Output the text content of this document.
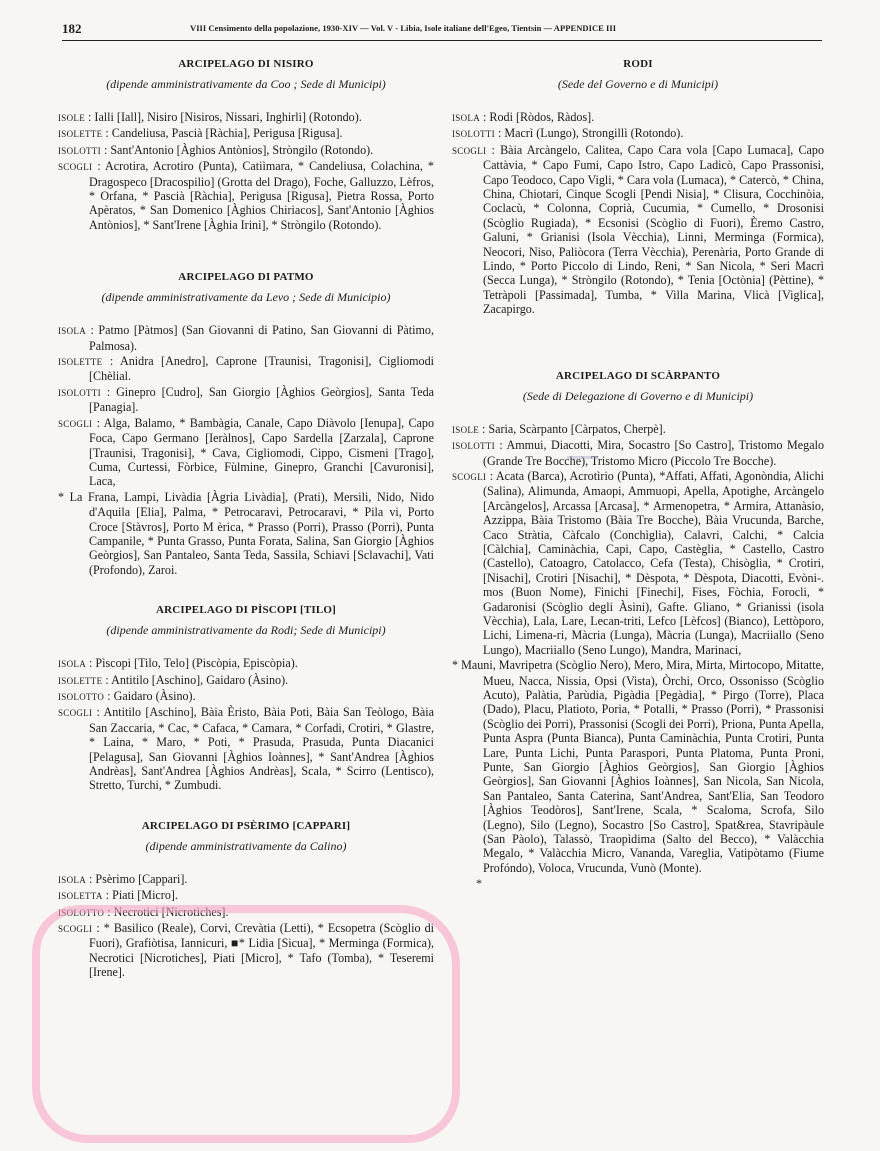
182	VIII Censimento della popolazione, 1930-XIV — Vol. V - Libia, Isole italiane dell'Egeo, Tientsin — APPENDICE III
ARCIPELAGO DI NISIRO
(dipende amministrativamente da Coo ; Sede di Municipi)

ISOLE : Ialli [Iall], Nisiro [Nisiros, Nissari, Inghirli] (Rotondo).

ISOLETTE : Candeliusa, Pascià [Ràchia], Perigusa [Rigusa].

ISOLOTTI : Sant'Antonio [Àghios Antònios], Stròngilo (Rotondo).

SCOGLI : Acrotira, Acrotiro (Punta), Catiìmara, * Candeliusa, Colachina, * Dragospeco [Dracospilio] (Grotta del Drago), Foche, Galluzzo, Lèfros, * Orfana, * Pascià [Ràchia], Perigusa [Rigusa], Pietra Rossa, Porto Apèratos, * San Domenico [Àghios Chiriacos], Sant'Antonio [Àghios Antònios], * Sant'Irene [Àghia Irini], * Stròngilo (Rotondo).

ARCIPELAGO DI PATMO
(dipende amministrativamente da Levo ; Sede di Municipio)

ISOLA : Patmo [Pàtmos] (San Giovanni di Patino, San Giovanni di Pàtimo, Palmosa).

ISOLETTE : Anidra [Anedro], Caprone [Traunisi, Tragonisi], Cigliomodi [Chèlial.

ISOLOTTI : Ginepro [Cudro], San Giorgio [Àghios Geòrgios], Santa Teda [Panagia].

SCOGLI : Alga, Balamo, * Bambàgia, Canale, Capo Diàvolo [Ienupa], Capo Foca, Capo Germano [Ieràlnos], Capo Sardella [Zarzala], Caprone [Traunisi, Tragonisi], * Cava, Cigliomodi, Cippo, Cismeni [Trago], Cuma, Curtessi, Fòrbice, Fùlmine, Ginepro, Granchi [Cavuronisi], Laca,

* La Frana, Lampi, Livàdia [Àgria Livàdia], (Prati), Mersili, Nido, Nido d'Aquila [Elia], Palma, * Petrocaravi, Petrocaravi, * Pila vi, Porto Croce [Stàvros], Porto M èrica, * Prasso (Porri), Prasso (Porri), Punta Campanile, * Punta Grasso, Punta Forata, Salina, San Giorgio [Àghios Geòrgios], San Pantaleo, Santa Teda, Sassila, Schiavi [Sclavachi], Vati (Profondo), Zaroi.

ARCIPELAGO DI PÌSCOPI [TILO]
(dipende amministrativamente da Rodi; Sede di Municipi)

ISOLA : Pìscopi [Tilo, Telo] (Piscòpia, Episcòpia).

ISOLETTE : Antitilo [Aschino], Gaidaro (Àsino).

ISOLOTTO : Gaidaro (Àsino).

SCOGLI : Antitilo [Aschino], Bàia Èristo, Bàia Poti, Bàia San Teòlogo, Bàia San Zaccaria, * Cac, * Cafaca, * Camara, * Corfadi, Crotiri, * Glastre, * Laina, * Maro, * Poti, * Prasuda, Prasuda, Punta Diacanici [Pelagusa], San Giovanni [Àghios Ioànnes], * Sant'Andrea [Àghios Andrèas], Sant'Andrea [Àghios Andrèas], Scala, * Scirro (Lentisco), Stretto, Turchi, * Zumbudi.

ARCIPELAGO DI PSÈRIMO [CAPPARI]
(dipende amministrativamente da Calino)

ISOLA : Psèrimo [Cappari].

ISOLETTA : Piati [Micro].

ISOLOTTO : Necrotici [Nicrotiches].

SCOGLI : * Basilico (Reale), Corvi, Crevàtia (Letti), * Ecsopetra (Scòglio di Fuori), Grafiòtisa, Iannicuri, ■* Lidia [Sicua], * Merminga (Formica), Necrotici [Nicrotiches], Piati [Micro], * Tafo (Tomba), * Teseremi [Irene].

RODI
(Sede del Governo e di Municipi)

ISOLA : Rodi [Ròdos, Ràdos].

ISOLOTTI : Macrì (Lungo), Strongillì (Rotondo).

SCOGLI : Bàia Arcàngelo, Calitea, Capo Cara vola [Capo Lumaca], Capo Cattàvia, * Capo Fumi, Capo Istro, Capo Ladicò, Capo Prassonisi, Capo Teodoco, Capo Vigli, * Cara vola (Lumaca), * Catercò, * China, China, Chiotari, Cinque Scogli [Pendi Nisia], * Clisura, Cocchinòia, Coclacù, * Colonna, Coprià, Cucumia, * Cumello, * Drosonisi (Scòglio Rugiada), * Ecsonisi (Scòglio di Fuori), Èremo Castro, Galuni, * Grianisi (Isola Vècchia), Linni, Merminga (Formica), Neocori, Niso, Paliòcora (Terra Vècchia), Perenària, Porto Grande di Lindo, * Porto Piccolo di Lindo, Reni, * San Nicola, * Seri Macrì (Secca Lunga), * Stròngilo (Rotondo), * Tenia [Octònia] (Pèttine), * Tetràpoli [Passimada], Tumba, * Villa Marina, Vlicà [Viglica], Zacapirgo.

ARCIPELAGO DI SCÀRPANTO
(Sede di Delegazione di Governo e di Municipi)

ISOLE : Saria, Scàrpanto [Càrpatos, Cherpè].

ISOLOTTI : Ammui, Diacotti, Mira, Socastro [So Castro], Tristomo Megalo (Grande Tre Bocche), Tristomo Micro (Piccolo Tre Bocche).

SCOGLI : Acata (Barca), Acrotìrio (Punta), *Affati, Affati, Agonòndia, Alichi (Salina), Alimunda, Amaopi, Ammuopi, Apella, Apotighe, Arcàngelo [Arcàngelos], Arcassa [Arcasa], * Armenopetra, * Armira, Attanàsio, Azzippa, Bàia Tristomo (Bàia Tre Bocche), Bàia Vrucunda, Barche, Caco Stràtia, Càfcalo (Conchìglia), Calavri, Calchi, * Calcia [Càlchia], Caminàchia, Capi, Capo, Castèglia, * Castello, Castro (Castello), Catoagro, Catolacco, Cefa (Testa), Chisòglia, * Crotiri, [Nisachi], Crotiri [Nisachi], * Dèspota, * Dèspota, Diacotti, Evòni-. mos (Buon Nome), Finichi [Finechi], Fises, Fòchia, Forocli, * Gadaronisi (Scòglio degli Àsini), Gafte. Gliano, * Grianissi (isola Vècchia), Lala, Lare, Lecan-triti, Lefco [Lèfcos] (Bianco), Lettòporo, Lichi, Limena-ri, Màcria (Lunga), Màcria (Lunga), Macriiallo (Seno Lungo), Macriiallo (Seno Lungo), Mandra, Marinaci,

* Mauni, Mavripetra (Scòglio Nero), Mero, Mira, Mirta, Mirtocopo, Mitatte, Mueu, Nacca, Nissia, Opsi (Vista), Òrchi, Orco, Ossonisso (Scòglio Acuto), Palàtia, Parùdia, Pigàdia [Pegàdia], * Pirgo (Torre), Placa (Dado), Placu, Platioto, Poria, * Potalli, * Prasso (Porri), * Prassonisi (Scòglio dei Porri), Prassonisi (Scogli dei Porri), Priona, Punta Apella, Punta Aspra (Punta Bianca), Punta Caminàchia, Punta Crotiri, Punta Lare, Punta Lichi, Punta Paraspori, Punta Platoma, Punta Proni, Punte, San Giorgio [Àghios Geòrgios], San Giorgio [Àghios Geòrgios], San Giovanni [Àghios Ioànnes], San Nicola, San Nicola, San Pantaleo, Santa Caterina, Sant'Andrea, Sant'Elia, San Teodoro [Àghios Teodòros], Sant'Irene, Scala, * Scaloma, Scrofa, Silo (Legno), Silo (Legno), Socastro [So Castro], Spat&rea, Stavripàule (San Pàolo), Talassò, Traopìdima (Salto del Becco), * Valàcchia Megalo, * Valàcchia Micro, Vananda, Vareglia, Vatipòtamo (Fiume Profóndo), Voloca, Vrucunda, Vunò (Monte).

*
